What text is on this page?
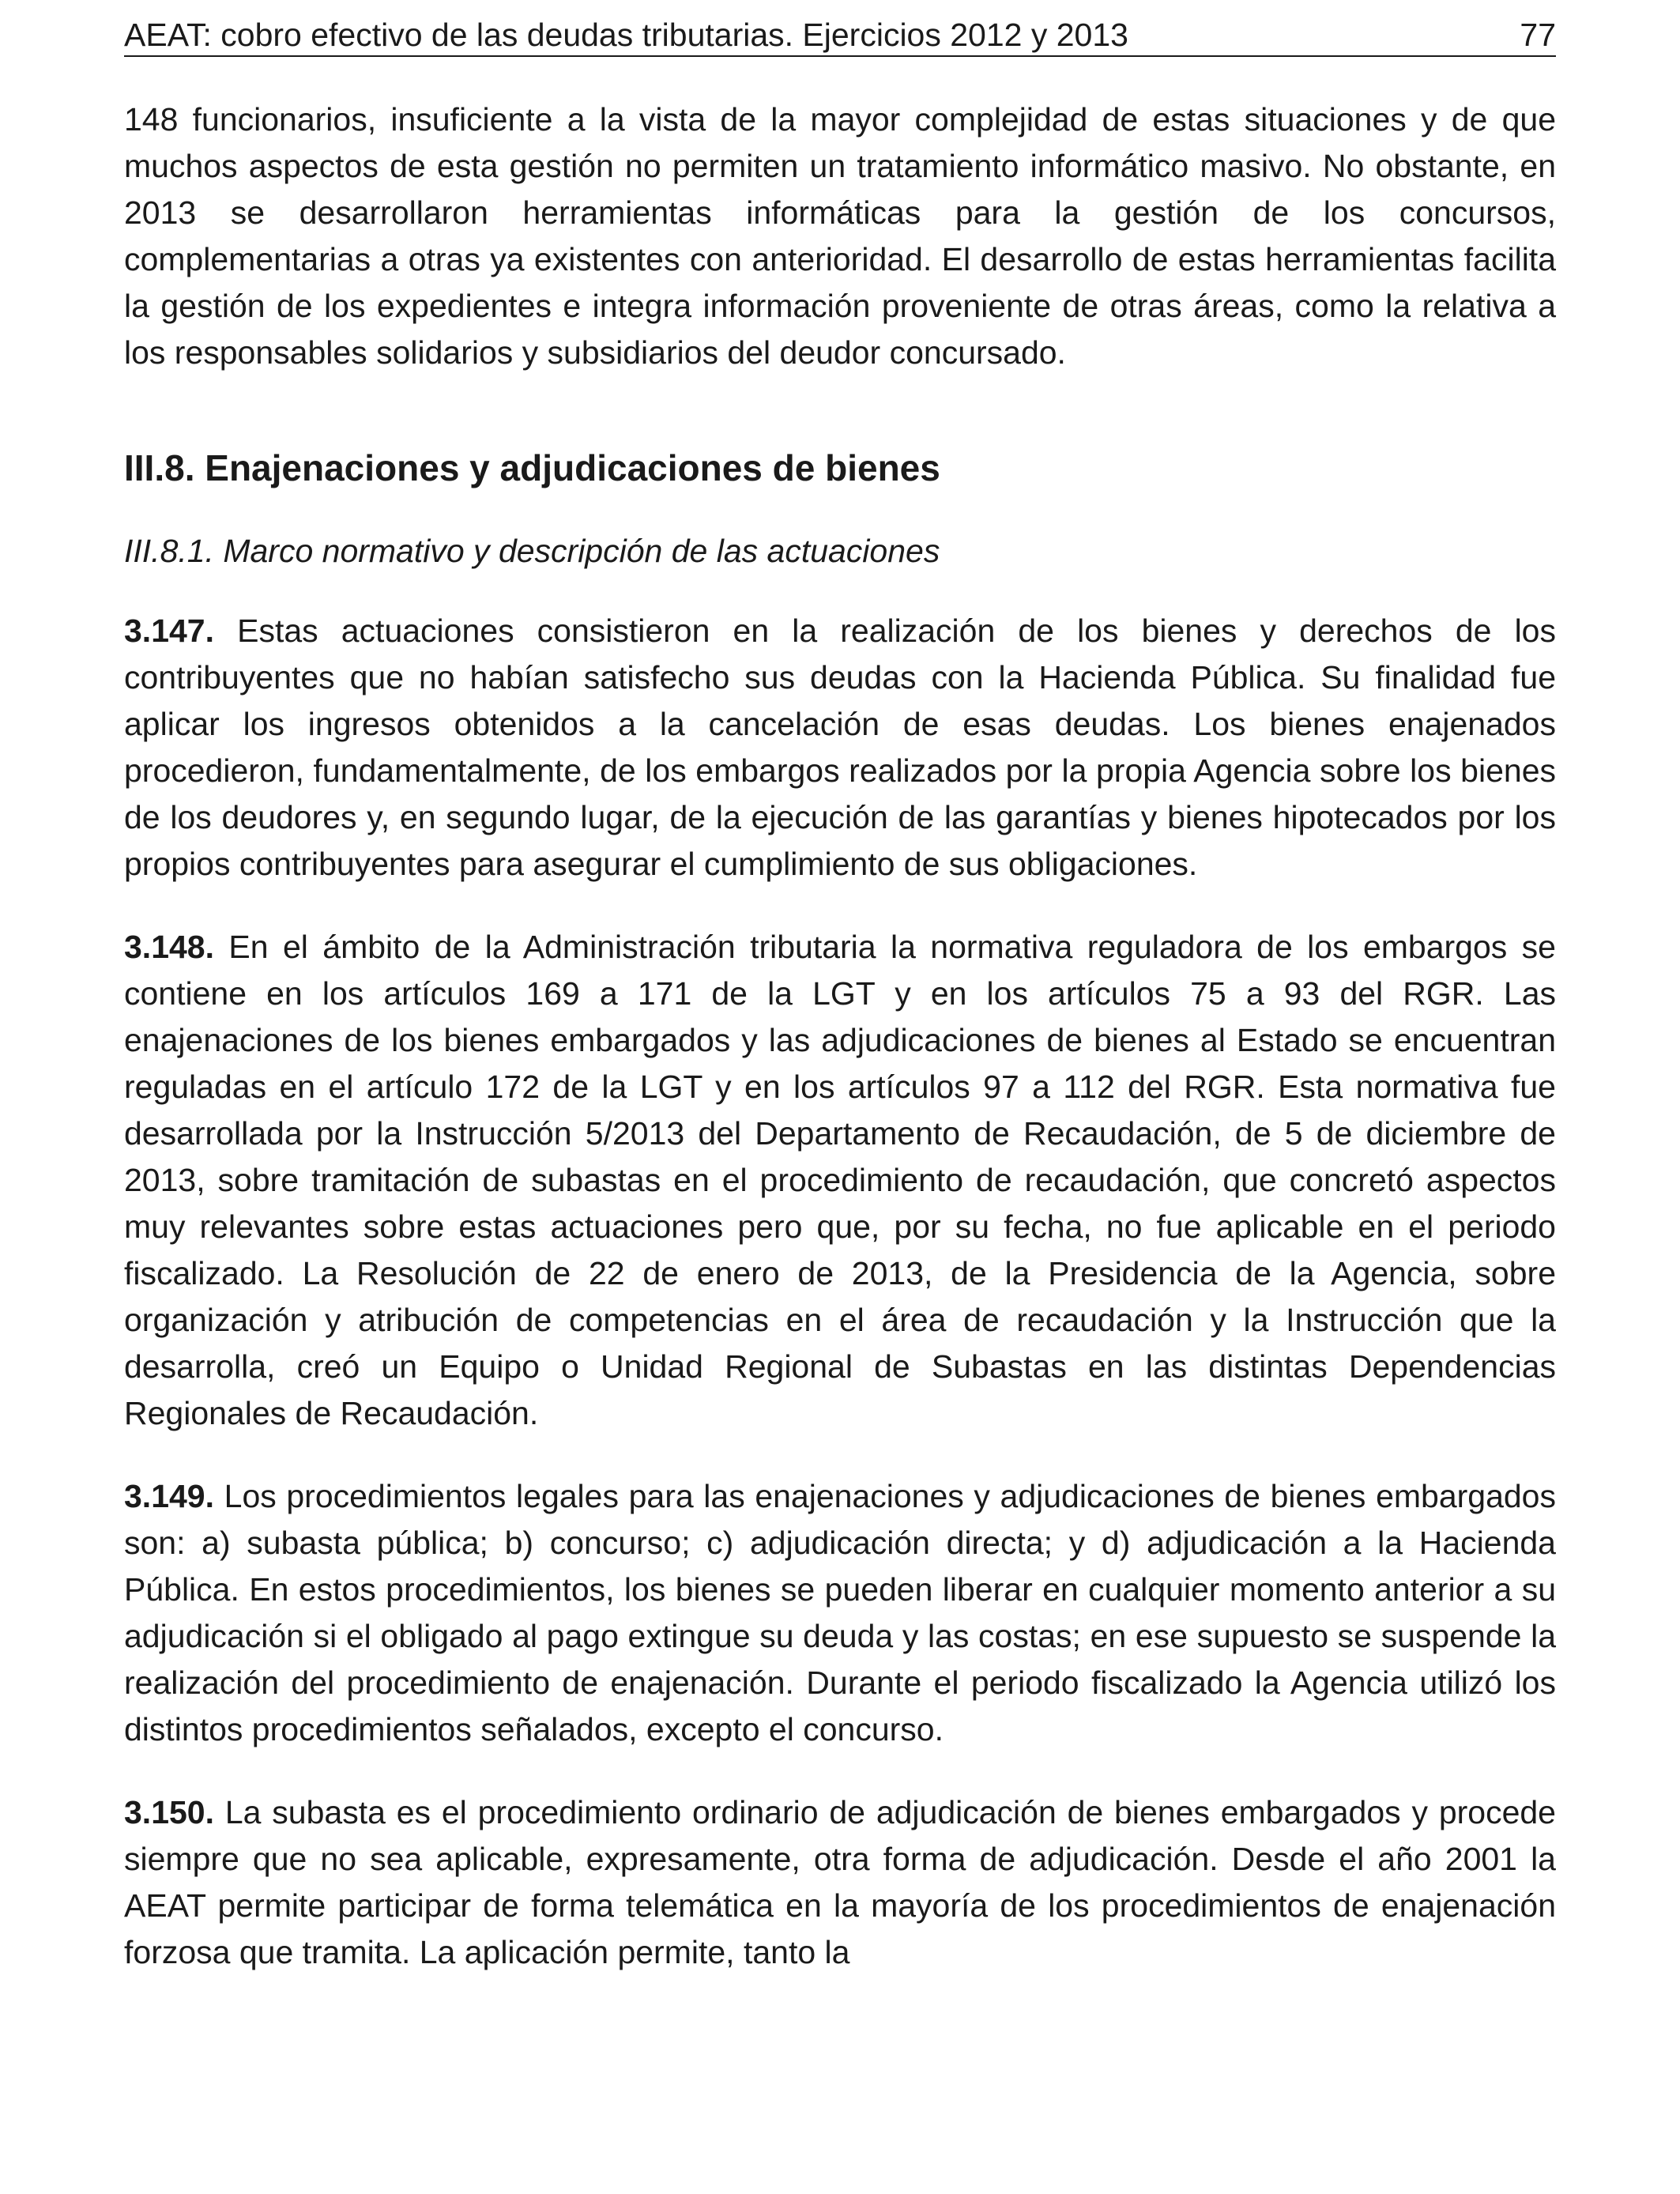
AEAT: cobro efectivo de las deudas tributarias. Ejercicios 2012 y 2013	77

148 funcionarios, insuficiente a la vista de la mayor complejidad de estas situaciones y de que muchos aspectos de esta gestión no permiten un tratamiento informático masivo. No obstante, en 2013 se desarrollaron herramientas informáticas para la gestión de los concursos, complementarias a otras ya existentes con anterioridad. El desarrollo de estas herramientas facilita la gestión de los expedientes e integra información proveniente de otras áreas, como la relativa a los responsables solidarios y subsidiarios del deudor concursado.

III.8. Enajenaciones y adjudicaciones de bienes
III.8.1. Marco normativo y descripción de las actuaciones

3.147. Estas actuaciones consistieron en la realización de los bienes y derechos de los contribuyentes que no habían satisfecho sus deudas con la Hacienda Pública. Su finalidad fue aplicar los ingresos obtenidos a la cancelación de esas deudas. Los bienes enajenados procedieron, fundamentalmente, de los embargos realizados por la propia Agencia sobre los bienes de los deudores y, en segundo lugar, de la ejecución de las garantías y bienes hipotecados por los propios contribuyentes para asegurar el cumplimiento de sus obligaciones.

3.148. En el ámbito de la Administración tributaria la normativa reguladora de los embargos se contiene en los artículos 169 a 171 de la LGT y en los artículos 75 a 93 del RGR. Las enajenaciones de los bienes embargados y las adjudicaciones de bienes al Estado se encuentran reguladas en el artículo 172 de la LGT y en los artículos 97 a 112 del RGR. Esta normativa fue desarrollada por la Instrucción 5/2013 del Departamento de Recaudación, de 5 de diciembre de 2013, sobre tramitación de subastas en el procedimiento de recaudación, que concretó aspectos muy relevantes sobre estas actuaciones pero que, por su fecha, no fue aplicable en el periodo fiscalizado. La Resolución de 22 de enero de 2013, de la Presidencia de la Agencia, sobre organización y atribución de competencias en el área de recaudación y la Instrucción que la desarrolla, creó un Equipo o Unidad Regional de Subastas en las distintas Dependencias Regionales de Recaudación.

3.149. Los procedimientos legales para las enajenaciones y adjudicaciones de bienes embargados son: a) subasta pública; b) concurso; c) adjudicación directa; y d) adjudicación a la Hacienda Pública. En estos procedimientos, los bienes se pueden liberar en cualquier momento anterior a su adjudicación si el obligado al pago extingue su deuda y las costas; en ese supuesto se suspende la realización del procedimiento de enajenación. Durante el periodo fiscalizado la Agencia utilizó los distintos procedimientos señalados, excepto el concurso.

3.150. La subasta es el procedimiento ordinario de adjudicación de bienes embargados y procede siempre que no sea aplicable, expresamente, otra forma de adjudicación. Desde el año 2001 la AEAT permite participar de forma telemática en la mayoría de los procedimientos de enajenación forzosa que tramita. La aplicación permite, tanto la
